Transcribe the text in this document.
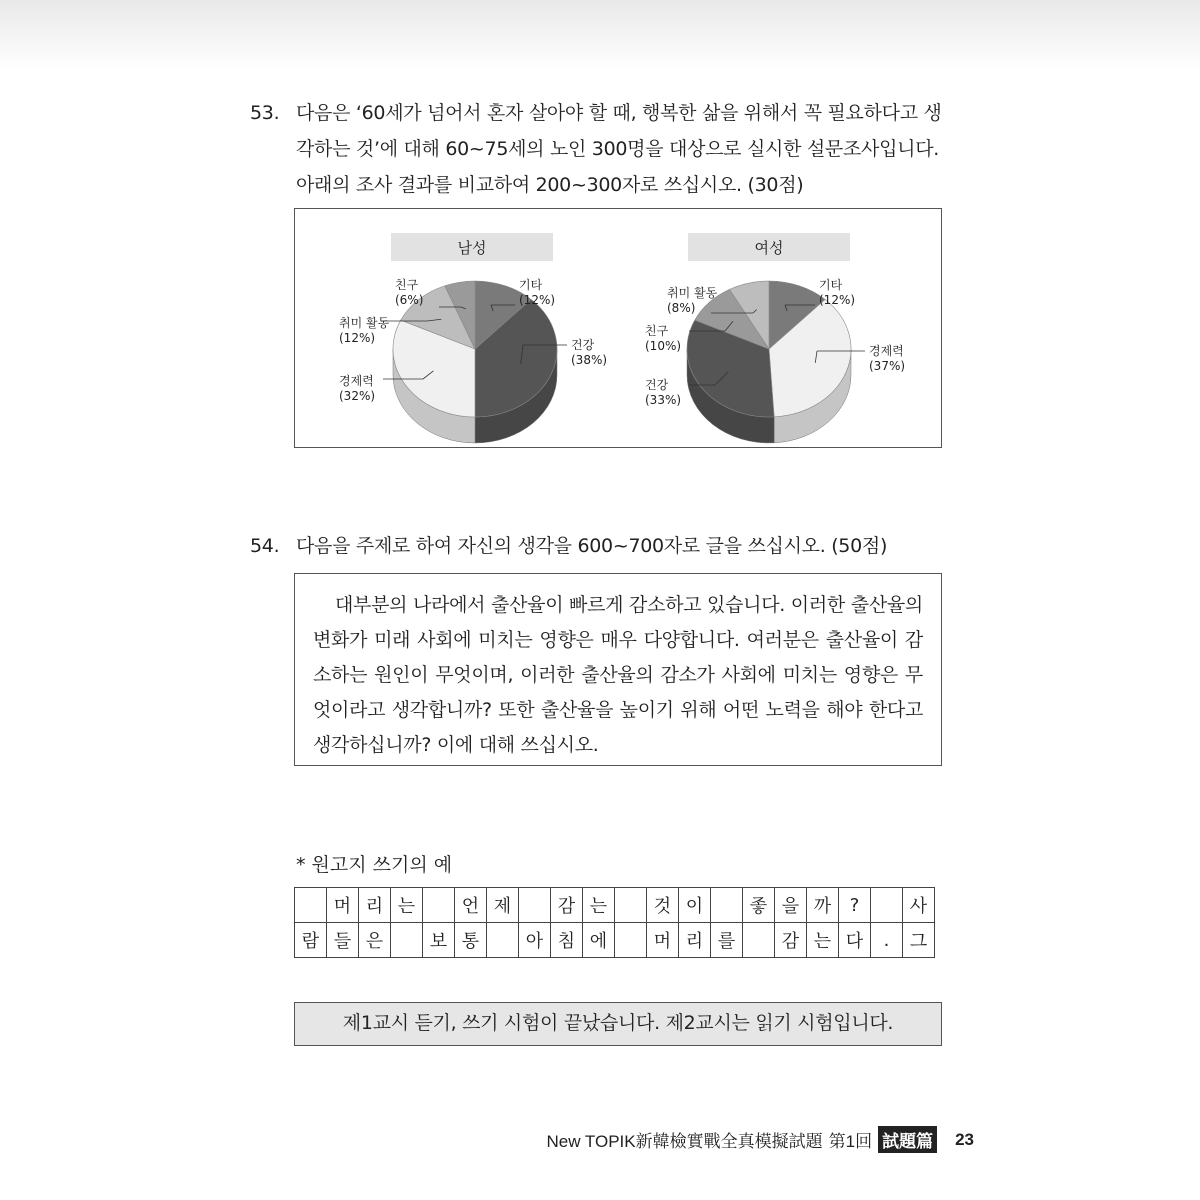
53. 다음은 ‘60세가 넘어서 혼자 살아야 할 때, 행복한 삶을 위해서 꼭 필요하다고 생각하는 것’에 대해 60~75세의 노인 300명을 대상으로 실시한 설문조사입니다. 아래의 조사 결과를 비교하여 200~300자로 쓰십시오. (30점)
남성
기타
(12%)
건강
(38%)
경제력
(32%)
취미 활동
(12%)
친구
(6%)
여성
기타
(12%)
경제력
(37%)
건강
(33%)
친구
(10%)
취미 활동
(8%)
54. 다음을 주제로 하여 자신의 생각을 600~700자로 글을 쓰십시오. (50점)

대부분의 나라에서 출산율이 빠르게 감소하고 있습니다. 이러한 출산율의 변화가 미래 사회에 미치는 영향은 매우 다양합니다. 여러분은 출산율이 감소하는 원인이 무엇이며, 이러한 출산율의 감소가 사회에 미치는 영향은 무엇이라고 생각합니까? 또한 출산율을 높이기 위해 어떤 노력을 해야 한다고 생각하십니까? 이에 대해 쓰십시오.

* 원고지 쓰기의 예
	머	리	는		언	제		감	는		것	이		좋	을	까	?		사
람	들	은		보	통		아	침	에		머	리	를		감	는	다	.	그
제1교시 듣기, 쓰기 시험이 끝났습니다. 제2교시는 읽기 시험입니다.
New TOPIK新韓檢實戰全真模擬試題 第1回 試題篇 23
